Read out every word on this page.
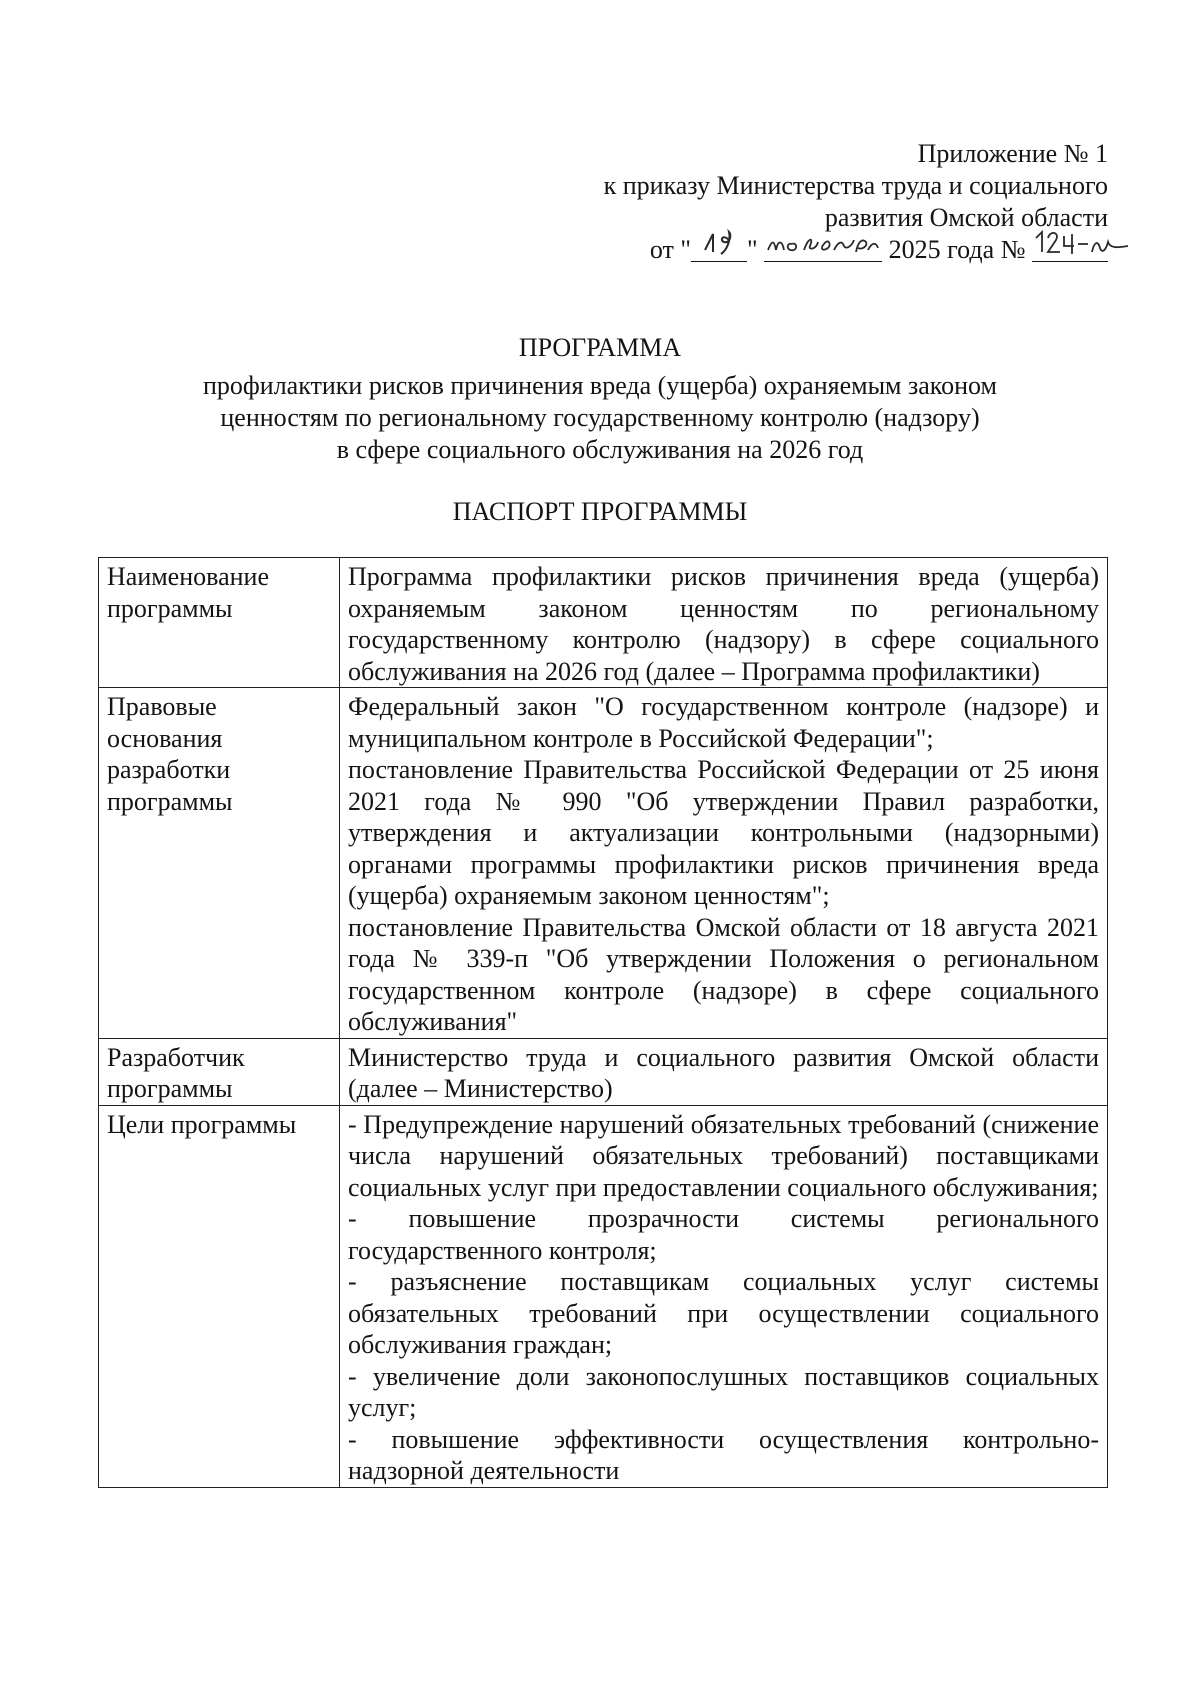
Приложение № 1
к приказу Министерства труда и социального
развития Омской области
от " "	2025 года №
ПРОГРАММА
профилактики рисков причинения вреда (ущерба) охраняемым законом
ценностям по региональному государственному контролю (надзору)
в сфере социального обслуживания на 2026 год
ПАСПОРТ ПРОГРАММЫ
Наименование программы	Программа профилактики рисков причинения вреда (ущерба) охраняемым законом ценностям по региональному государственному контролю (надзору) в сфере социального обслуживания на 2026 год (далее – Программа профилактики)

Правовые основания разработки программы	Федеральный закон "О государственном контроле (надзоре) и муниципальном контроле в Российской Федерации";
постановление Правительства Российской Федерации от 25 июня 2021 года № 990 "Об утверждении Правил разработки, утверждения и актуализации контрольными (надзорными) органами программы профилактики рисков причинения вреда (ущерба) охраняемым законом ценностям";
постановление Правительства Омской области от 18 августа 2021 года № 339-п "Об утверждении Положения о региональном государственном контроле (надзоре) в сфере социального обслуживания"

Разработчик программы	Министерство труда и социального развития Омской области (далее – Министерство)

Цели программы	- Предупреждение нарушений обязательных требований (снижение числа нарушений обязательных требований) поставщиками социальных услуг при предоставлении социального обслуживания;
- повышение прозрачности системы регионального государственного контроля;
- разъяснение поставщикам социальных услуг системы обязательных требований при осуществлении социального обслуживания граждан;
- увеличение доли законопослушных поставщиков социальных услуг;
- повышение эффективности осуществления контрольно-надзорной деятельности
